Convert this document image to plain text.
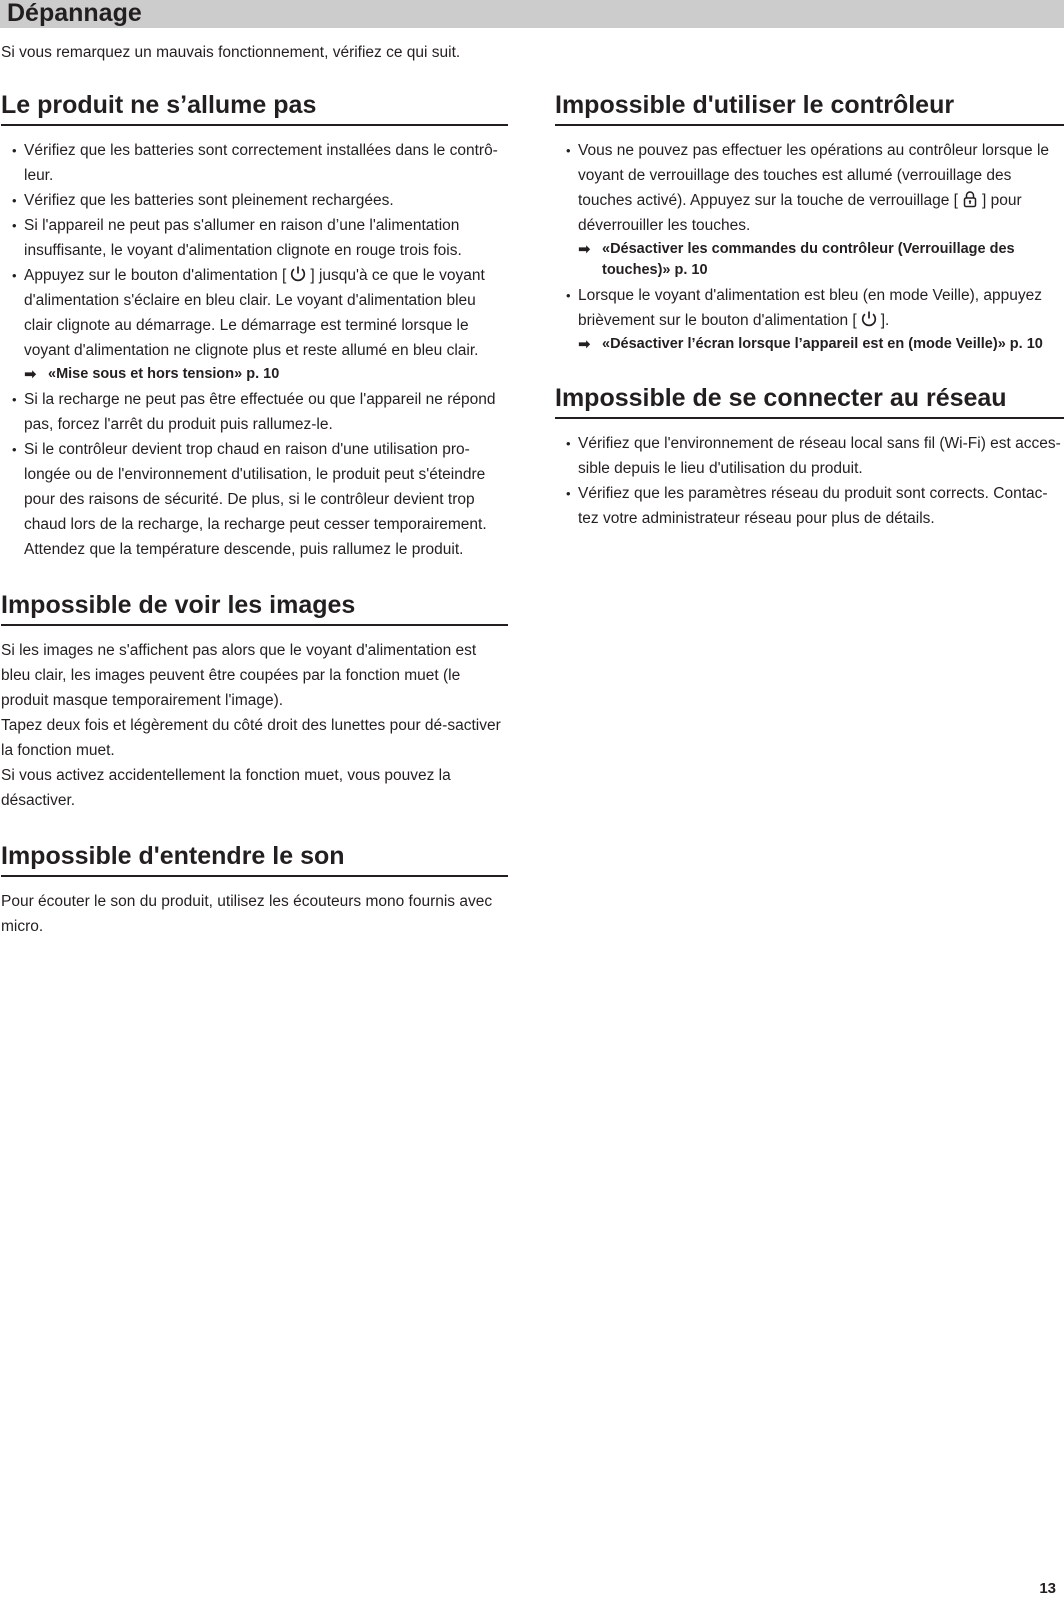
Dépannage
Si vous remarquez un mauvais fonctionnement, vérifiez ce qui suit.
Le produit ne s’allume pas
• Vérifiez que les batteries sont correctement installées dans le contrô-leur.
• Vérifiez que les batteries sont pleinement rechargées.
• Si l'appareil ne peut pas s'allumer en raison d’une l'alimentation insuffisante, le voyant d'alimentation clignote en rouge trois fois.
• Appuyez sur le bouton d'alimentation [ ] jusqu'à ce que le voyant d'alimentation s'éclaire en bleu clair. Le voyant d'alimentation bleu clair clignote au démarrage. Le démarrage est terminé lorsque le voyant d'alimentation ne clignote plus et reste allumé en bleu clair.
➡ «Mise sous et hors tension» p. 10
• Si la recharge ne peut pas être effectuée ou que l'appareil ne répond pas, forcez l'arrêt du produit puis rallumez-le.
• Si le contrôleur devient trop chaud en raison d'une utilisation pro-longée ou de l'environnement d'utilisation, le produit peut s'éteindre pour des raisons de sécurité. De plus, si le contrôleur devient trop chaud lors de la recharge, la recharge peut cesser temporairement. Attendez que la température descende, puis rallumez le produit.
Impossible de voir les images

Si les images ne s'affichent pas alors que le voyant d'alimentation est bleu clair, les images peuvent être coupées par la fonction muet (le produit masque temporairement l'image).

Tapez deux fois et légèrement du côté droit des lunettes pour dé-sactiver la fonction muet.

Si vous activez accidentellement la fonction muet, vous pouvez la désactiver.

Impossible d'entendre le son

Pour écouter le son du produit, utilisez les écouteurs mono fournis avec micro.

Impossible d'utiliser le contrôleur
• Vous ne pouvez pas effectuer les opérations au contrôleur lorsque le voyant de verrouillage des touches est allumé (verrouillage des touches activé). Appuyez sur la touche de verrouillage [ ] pour déverrouiller les touches.
➡ «Désactiver les commandes du contrôleur (Verrouillage des touches)» p. 10
• Lorsque le voyant d'alimentation est bleu (en mode Veille), appuyez brièvement sur le bouton d'alimentation [ ].
➡ «Désactiver l’écran lorsque l’appareil est en (mode Veille)» p. 10
Impossible de se connecter au réseau
• Vérifiez que l'environnement de réseau local sans fil (Wi-Fi) est acces-sible depuis le lieu d'utilisation du produit.
• Vérifiez que les paramètres réseau du produit sont corrects. Contac-tez votre administrateur réseau pour plus de détails.
13
